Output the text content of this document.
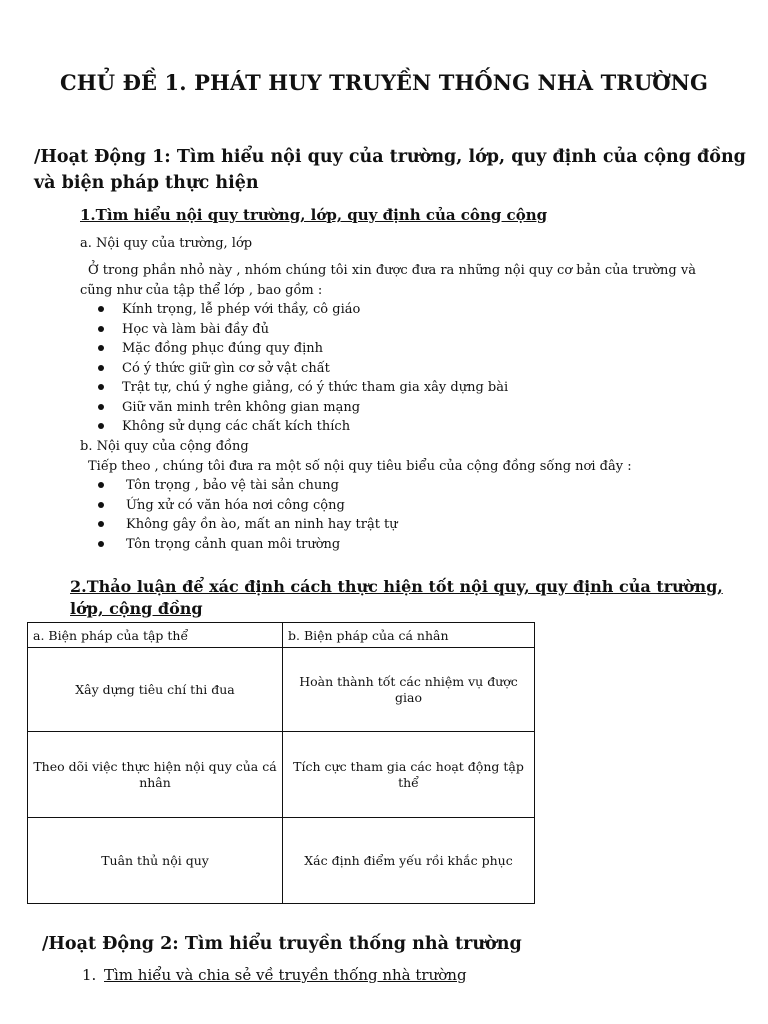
CHỦ ĐỀ 1. PHÁT HUY TRUYỀN THỐNG NHÀ TRƯỜNG
/Hoạt Động 1: Tìm hiểu nội quy của trường, lớp, quy định của cộng đồng và biện pháp thực hiện
1.Tìm hiểu nội quy trường, lớp, quy định của công cộng

a. Nội quy của trường, lớp

Ở trong phần nhỏ này , nhóm chúng tôi xin được đưa ra những nội quy cơ bản của trường và cũng như của tập thể lớp , bao gồm :

Kính trọng, lễ phép với thầy, cô giáo
Học và làm bài đầy đủ
Mặc đồng phục đúng quy định
Có ý thức giữ gìn cơ sở vật chất
Trật tự, chú ý nghe giảng, có ý thức tham gia xây dựng bài
Giữ văn minh trên không gian mạng
Không sử dụng các chất kích thích

b. Nội quy của cộng đồng

Tiếp theo , chúng tôi đưa ra một số nội quy tiêu biểu của cộng đồng sống nơi đây :

Tôn trọng , bảo vệ tài sản chung
Ứng xử có văn hóa nơi công cộng
Không gây ồn ào, mất an ninh hay trật tự
Tôn trọng cảnh quan môi trường
2.Thảo luận để xác định cách thực hiện tốt nội quy, quy định của trường, lớp, cộng đồng
a. Biện pháp của tập thể	b. Biện pháp của cá nhân
Xây dựng tiêu chí thi đua	Hoàn thành tốt các nhiệm vụ được giao
Theo dõi việc thực hiện nội quy của cá nhân	Tích cực tham gia các hoạt động tập thể
Tuân thủ nội quy	Xác định điểm yếu rồi khắc phục
/Hoạt Động 2: Tìm hiểu truyền thống nhà trường

1. Tìm hiểu và chia sẻ về truyền thống nhà trường
